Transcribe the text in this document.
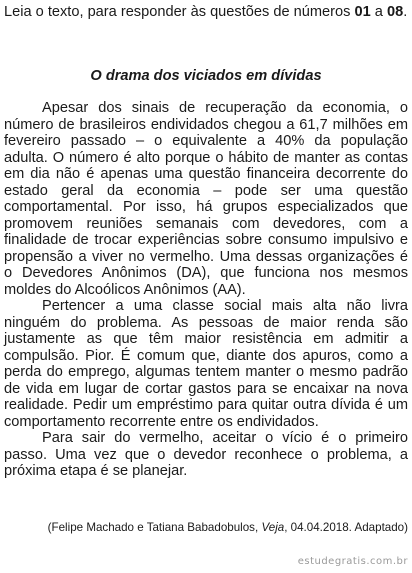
Leia o texto, para responder às questões de números 01 a 08.

O drama dos viciados em dívidas

Apesar dos sinais de recuperação da economia, o número de brasileiros endividados chegou a 61,7 milhões em fevereiro passado – o equivalente a 40% da população adulta. O número é alto porque o hábito de manter as contas em dia não é apenas uma questão financeira decorrente do estado geral da economia – pode ser uma questão comportamental. Por isso, há grupos especializados que promovem reuniões semanais com devedores, com a finalidade de trocar experiências sobre consumo impulsivo e propensão a viver no vermelho. Uma dessas organizações é o Devedores Anônimos (DA), que funciona nos mesmos moldes do Alcoólicos Anônimos (AA).

Pertencer a uma classe social mais alta não livra ninguém do problema. As pessoas de maior renda são justamente as que têm maior resistência em admitir a compulsão. Pior. É comum que, diante dos apuros, como a perda do emprego, algumas tentem manter o mesmo padrão de vida em lugar de cortar gastos para se encaixar na nova realidade. Pedir um empréstimo para quitar outra dívida é um comportamento recorrente entre os endividados.

Para sair do vermelho, aceitar o vício é o primeiro passo. Uma vez que o devedor reconhece o problema, a próxima etapa é se planejar.

(Felipe Machado e Tatiana Babadobulos, Veja, 04.04.2018. Adaptado)

estudegratis.com.br
